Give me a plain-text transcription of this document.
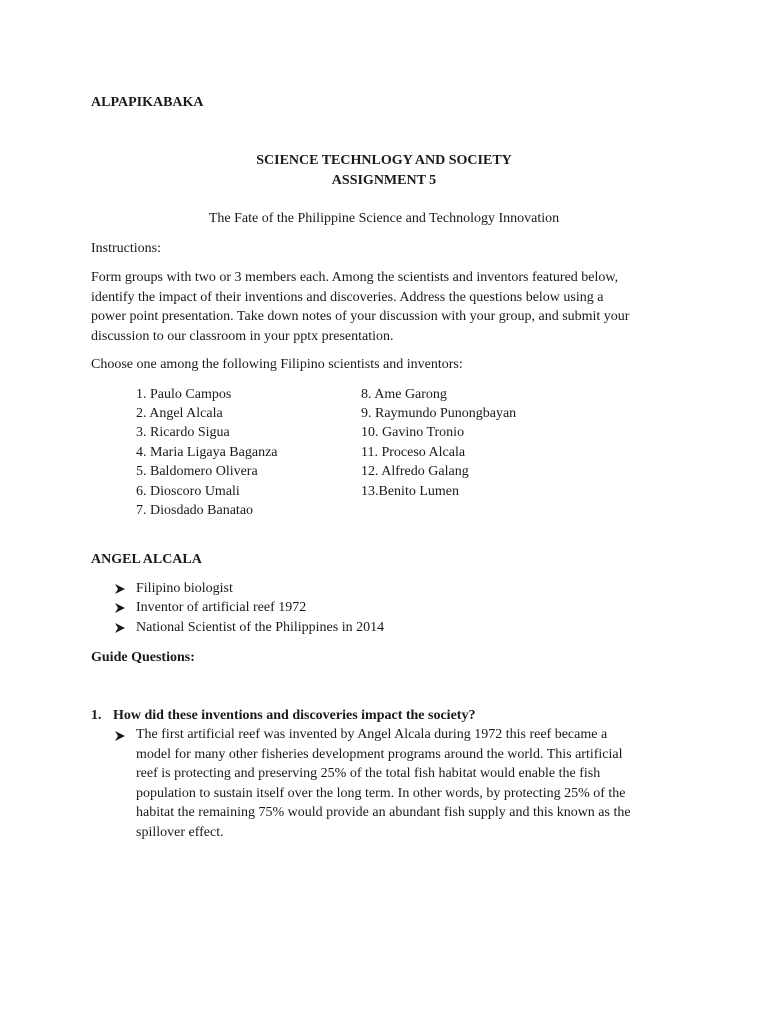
ALPAPIKABAKA
SCIENCE TECHNLOGY AND SOCIETY
ASSIGNMENT 5
The Fate of the Philippine Science and Technology Innovation
Instructions:
Form groups with two or 3 members each. Among the scientists and inventors featured below,
identify the impact of their inventions and discoveries. Address the questions below using a
power point presentation. Take down notes of your discussion with your group, and submit your
discussion to our classroom in your pptx presentation.
Choose one among the following Filipino scientists and inventors:
1. Paulo Campos
2. Angel Alcala
3. Ricardo Sigua
4. Maria Ligaya Baganza
5. Baldomero Olivera
6. Dioscoro Umali
7. Diosdado Banatao
8. Ame Garong
9. Raymundo Punongbayan
10. Gavino Tronio
11. Proceso Alcala
12. Alfredo Galang
13.Benito Lumen
ANGEL ALCALA
Filipino biologist
Inventor of artificial reef 1972
National Scientist of the Philippines in 2014
Guide Questions:
1. How did these inventions and discoveries impact the society?
The first artificial reef was invented by Angel Alcala during 1972 this reef became a
model for many other fisheries development programs around the world. This artificial
reef is protecting and preserving 25% of the total fish habitat would enable the fish
population to sustain itself over the long term. In other words, by protecting 25% of the
habitat the remaining 75% would provide an abundant fish supply and this known as the
spillover effect.
